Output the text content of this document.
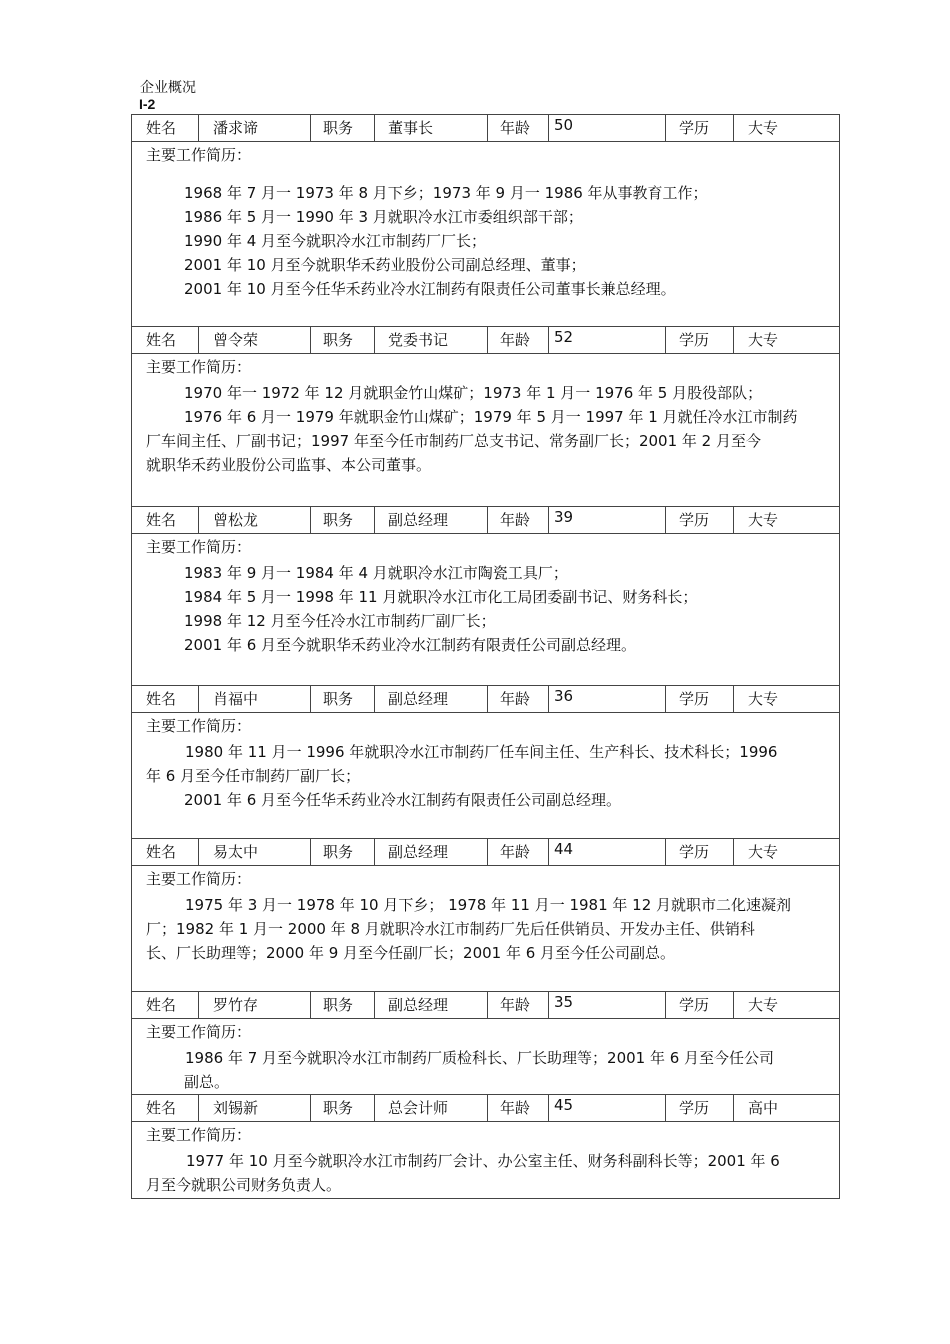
企业概况
I-2
姓名	潘求谛	职务	董事长	年龄	50	学历	大专
主要工作简历：
1968 年 7 月一 1973 年 8 月下乡；1973 年 9 月一 1986 年从事教育工作；
1986 年 5 月一 1990 年 3 月就职冷水江市委组织部干部；
1990 年 4 月至今就职冷水江市制药厂厂长；
2001 年 10 月至今就职华禾药业股份公司副总经理、董事；
2001 年 10 月至今任华禾药业冷水江制药有限责任公司董事长兼总经理。
姓名	曾令荣	职务	党委书记	年龄	52	学历	大专
主要工作简历：
1970 年一 1972 年 12 月就职金竹山煤矿；1973 年 1 月一 1976 年 5 月股役部队；
1976 年 6 月一 1979 年就职金竹山煤矿；1979 年 5 月一 1997 年 1 月就任冷水江市制药
厂车间主任、厂副书记；1997 年至今任市制药厂总支书记、常务副厂长；2001 年 2 月至今
就职华禾药业股份公司监事、本公司董事。
姓名	曾松龙	职务	副总经理	年龄	39	学历	大专
主要工作简历：
1983 年 9 月一 1984 年 4 月就职冷水江市陶瓷工具厂；
1984 年 5 月一 1998 年 11 月就职冷水江市化工局团委副书记、财务科长；
1998 年 12 月至今任冷水江市制药厂副厂长；
2001 年 6 月至今就职华禾药业冷水江制药有限责任公司副总经理。
姓名	肖福中	职务	副总经理	年龄	36	学历	大专
主要工作简历：
1980 年 11 月一 1996 年就职冷水江市制药厂任车间主任、生产科长、技术科长；1996
年 6 月至今任市制药厂副厂长；
2001 年 6 月至今任华禾药业冷水江制药有限责任公司副总经理。
姓名	易太中	职务	副总经理	年龄	44	学历	大专
主要工作简历：
1975 年 3 月一 1978 年 10 月下乡； 1978 年 11 月一 1981 年 12 月就职市二化速凝剂
厂；1982 年 1 月一 2000 年 8 月就职冷水江市制药厂先后任供销员、开发办主任、供销科
长、厂长助理等；2000 年 9 月至今任副厂长；2001 年 6 月至今任公司副总。
姓名	罗竹存	职务	副总经理	年龄	35	学历	大专
主要工作简历：
1986 年 7 月至今就职冷水江市制药厂质检科长、厂长助理等；2001 年 6 月至今任公司
副总。
姓名	刘锡新	职务	总会计师	年龄	45	学历	高中
主要工作简历：
1977 年 10 月至今就职冷水江市制药厂会计、办公室主任、财务科副科长等；2001 年 6
月至今就职公司财务负责人。
